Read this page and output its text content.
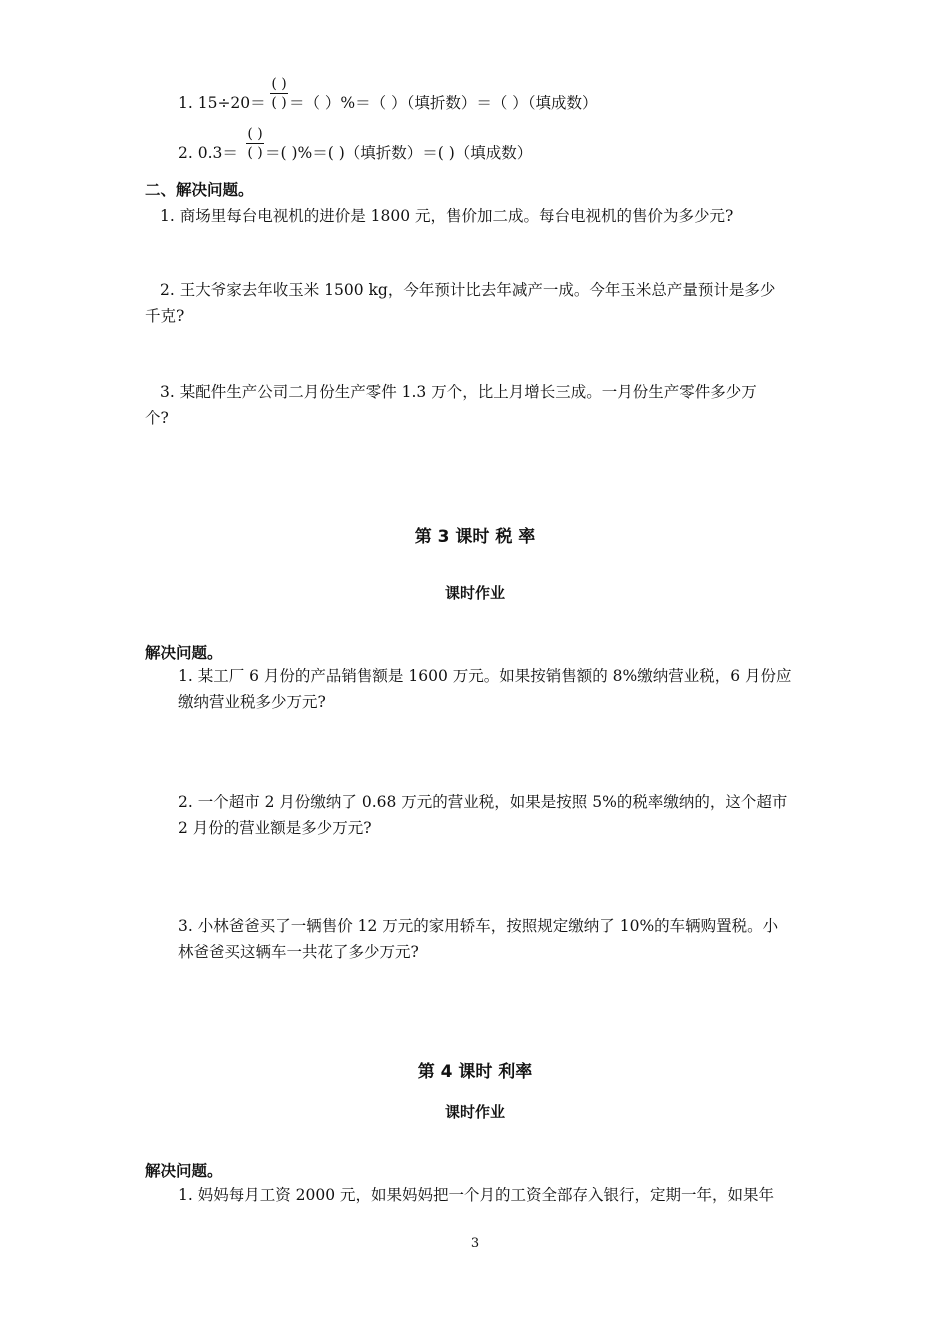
1. 15÷20＝
( )
( ) ＝（ ）%＝（ ）（填折数）＝（ ）（填成数）
2. 0.3＝
( )
( ) ＝( )%＝( )（填折数）＝( )（填成数）
二、解决问题。
1. 商场里每台电视机的进价是 1800 元，售价加二成。每台电视机的售价为多少元?
2. 王大爷家去年收玉米 1500 kg，今年预计比去年减产一成。今年玉米总产量预计是多少
千克?
3. 某配件生产公司二月份生产零件 1.3 万个，比上月增长三成。一月份生产零件多少万
个?
第 3 课时 税 率
课时作业
解决问题。
1. 某工厂 6 月份的产品销售额是 1600 万元。如果按销售额的 8%缴纳营业税，6 月份应
缴纳营业税多少万元?
2. 一个超市 2 月份缴纳了 0.68 万元的营业税，如果是按照 5%的税率缴纳的，这个超市
2 月份的营业额是多少万元?
3. 小林爸爸买了一辆售价 12 万元的家用轿车，按照规定缴纳了 10%的车辆购置税。小
林爸爸买这辆车一共花了多少万元?
第 4 课时 利率
课时作业
解决问题。
1. 妈妈每月工资 2000 元，如果妈妈把一个月的工资全部存入银行，定期一年，如果年
3
